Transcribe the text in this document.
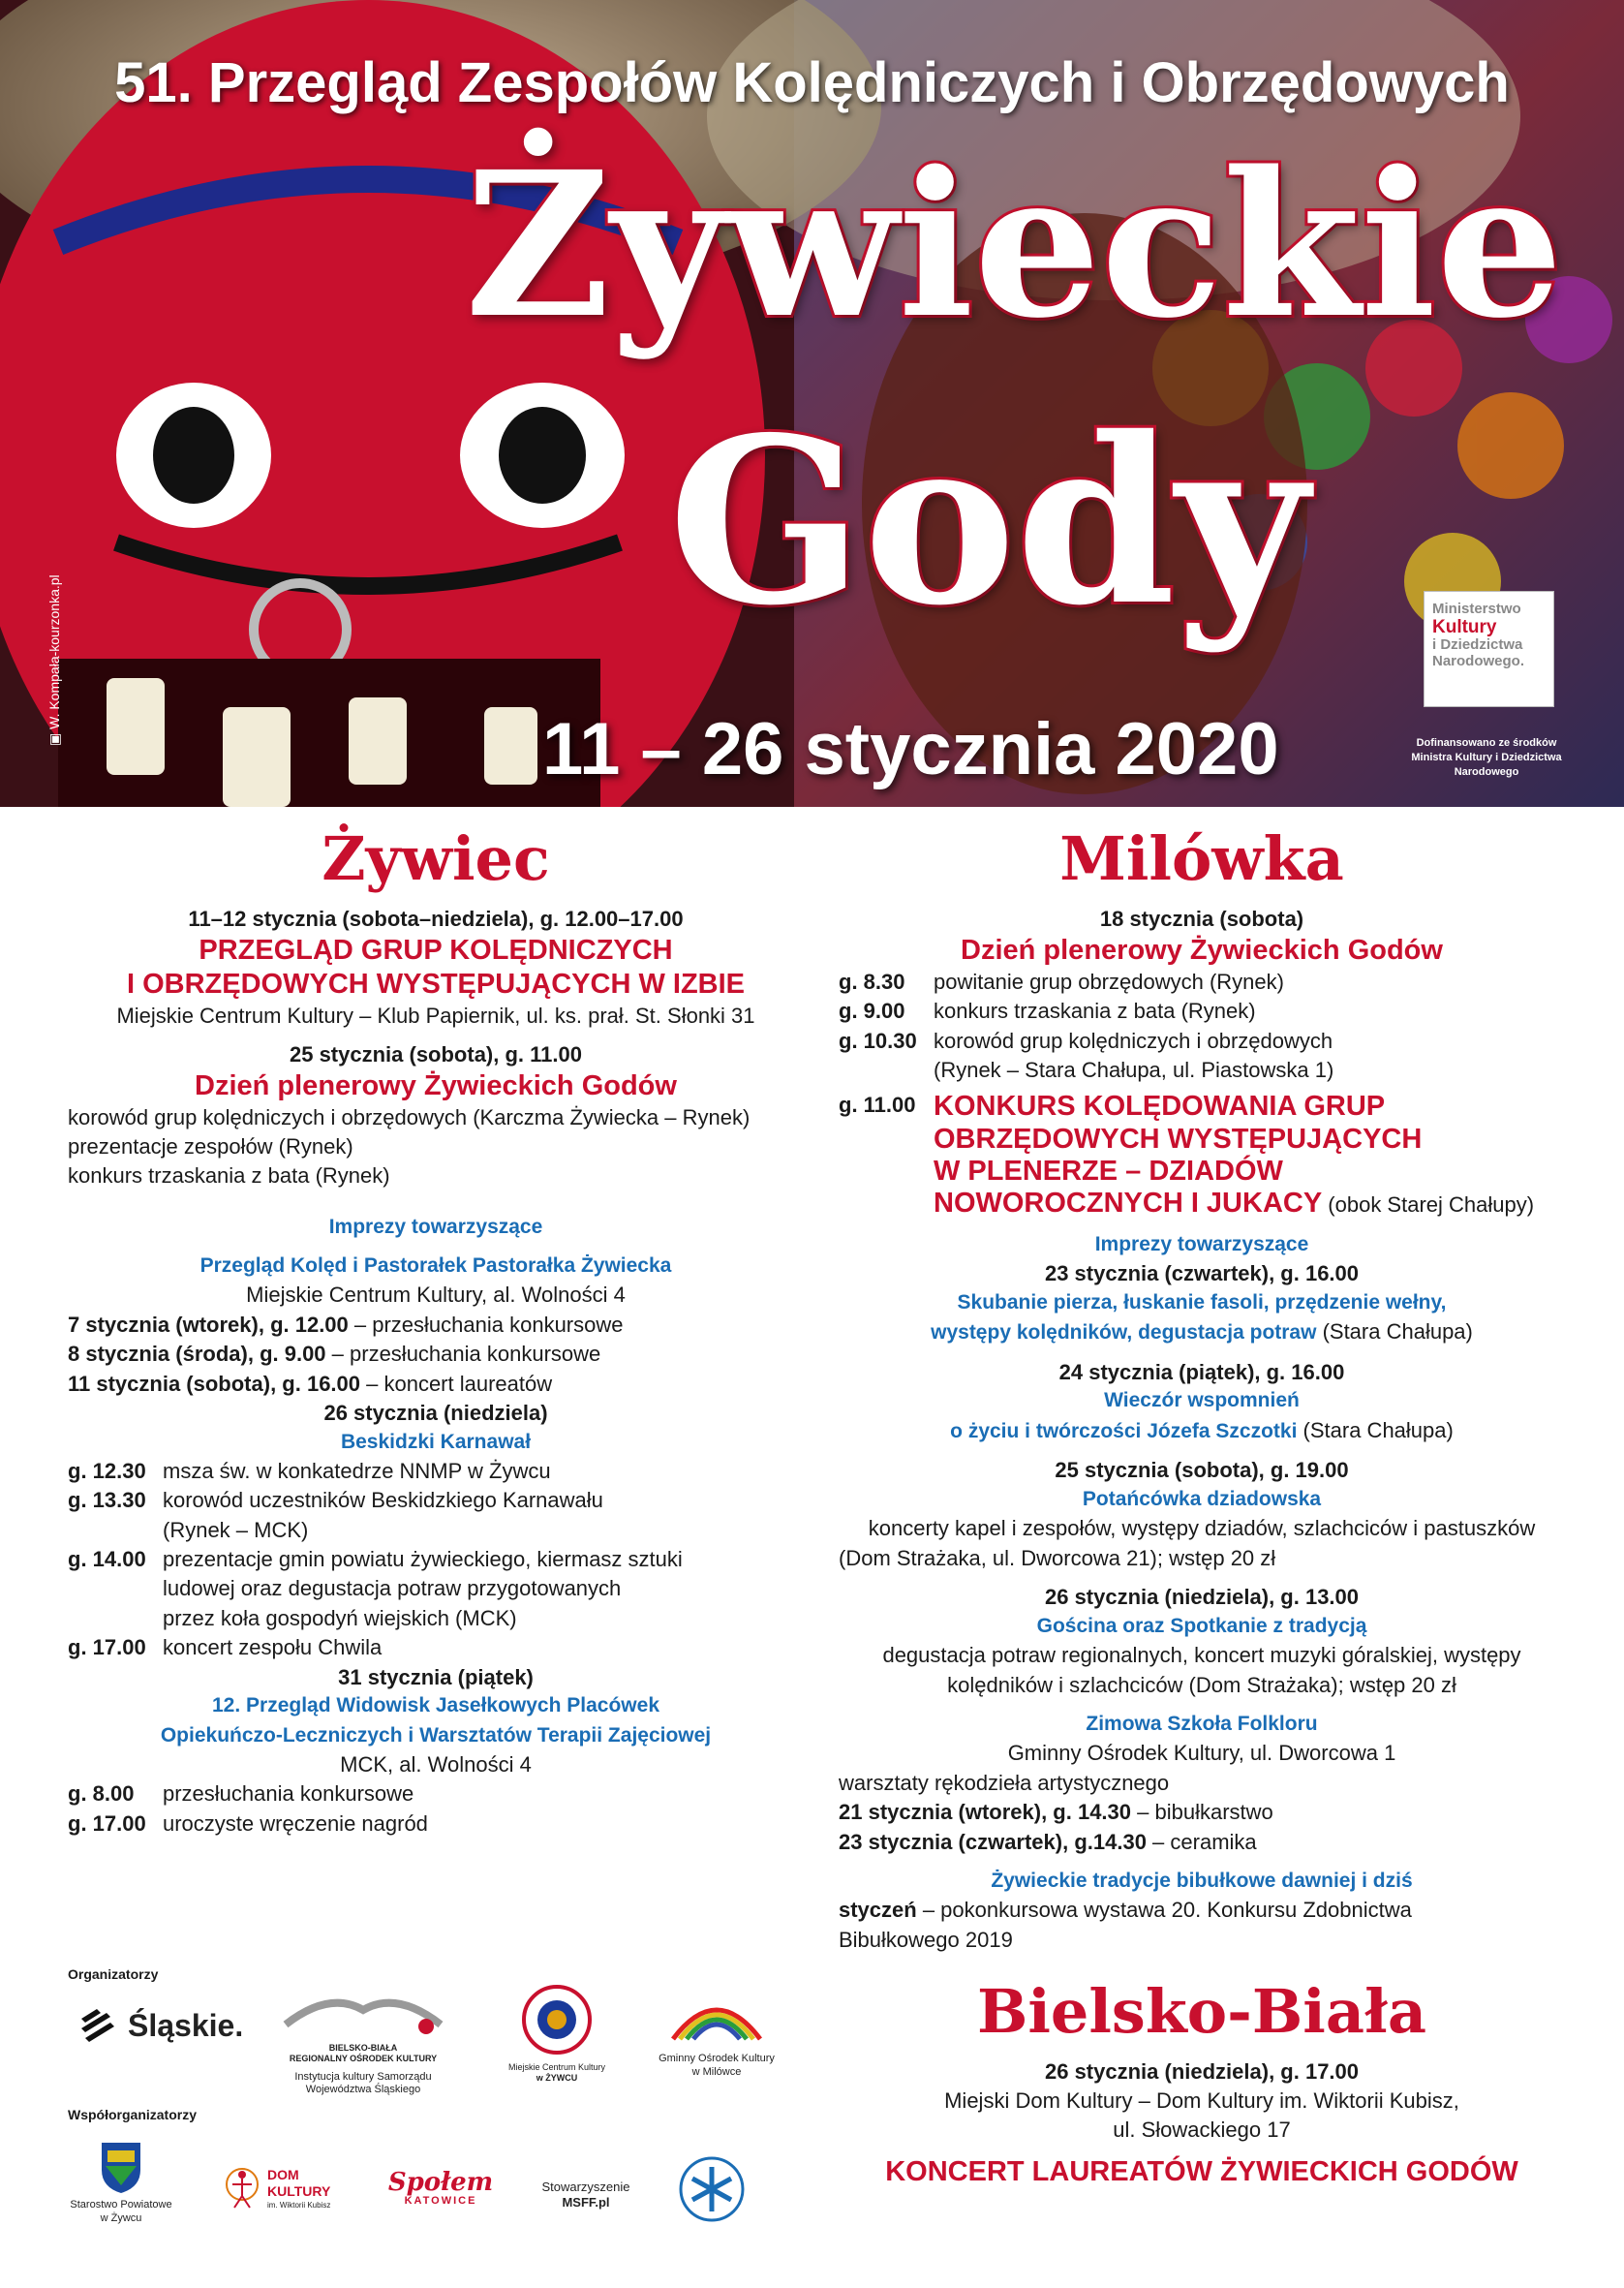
51. Przegląd Zespołów Kolędniczych i Obrzędowych
Żywieckie
Gody
11 – 26 stycznia 2020
▣ W. Kompała-kourzonka.pl	Ministerstwo
Kultury
i Dziedzictwa
Narodowego.
Dofinansowano ze środków Ministra Kultury i Dziedzictwa Narodowego
Żywiec
11–12 stycznia (sobota–niedziela), g. 12.00–17.00
PRZEGLĄD GRUP KOLĘDNICZYCH
I OBRZĘDOWYCH WYSTĘPUJĄCYCH W IZBIE
Miejskie Centrum Kultury – Klub Papiernik, ul. ks. prał. St. Słonki 31
25 stycznia (sobota), g. 11.00
Dzień plenerowy Żywieckich Godów
korowód grup kolędniczych i obrzędowych (Karczma Żywiecka – Rynek)
prezentacje zespołów (Rynek)
konkurs trzaskania z bata (Rynek)
Imprezy towarzyszące
Przegląd Kolęd i Pastorałek Pastorałka Żywiecka
Miejskie Centrum Kultury, al. Wolności 4
7 stycznia (wtorek), g. 12.00 – przesłuchania konkursowe
8 stycznia (środa), g. 9.00 – przesłuchania konkursowe
11 stycznia (sobota), g. 16.00 – koncert laureatów
26 stycznia (niedziela)
Beskidzki Karnawał
g. 12.30 msza św. w konkatedrze NNMP w Żywcu
g. 13.30 korowód uczestników Beskidzkiego Karnawału
(Rynek – MCK)
g. 14.00 prezentacje gmin powiatu żywieckiego, kiermasz sztuki
ludowej oraz degustacja potraw przygotowanych
przez koła gospodyń wiejskich (MCK)
g. 17.00 koncert zespołu Chwila
31 stycznia (piątek)
12. Przegląd Widowisk Jasełkowych Placówek
Opiekuńczo-Leczniczych i Warsztatów Terapii Zajęciowej
MCK, al. Wolności 4
g. 8.00	przesłuchania konkursowe
g. 17.00 uroczyste wręczenie nagród
Milówka
18 stycznia (sobota)
Dzień plenerowy Żywieckich Godów
g. 8.30	powitanie grup obrzędowych (Rynek)
g. 9.00	konkurs trzaskania z bata (Rynek)
g. 10.30 korowód grup kolędniczych i obrzędowych
(Rynek – Stara Chałupa, ul. Piastowska 1)
g. 11.00 KONKURS KOLĘDOWANIA GRUP
OBRZĘDOWYCH WYSTĘPUJĄCYCH
W PLENERZE – DZIADÓW
NOWOROCZNYCH I JUKACY (obok Starej Chałupy)
Imprezy towarzyszące
23 stycznia (czwartek), g. 16.00
Skubanie pierza, łuskanie fasoli, przędzenie wełny,
występy kolędników, degustacja potraw (Stara Chałupa)
24 stycznia (piątek), g. 16.00
Wieczór wspomnień
o życiu i twórczości Józefa Szczotki (Stara Chałupa)
25 stycznia (sobota), g. 19.00
Potańcówka dziadowska
koncerty kapel i zespołów, występy dziadów, szlachciców i pastuszków
(Dom Strażaka, ul. Dworcowa 21); wstęp 20 zł
26 stycznia (niedziela), g. 13.00
Gościna oraz Spotkanie z tradycją
degustacja potraw regionalnych, koncert muzyki góralskiej, występy
kolędników i szlachciców (Dom Strażaka); wstęp 20 zł
Zimowa Szkoła Folkloru
Gminny Ośrodek Kultury, ul. Dworcowa 1
warsztaty rękodzieła artystycznego
21 stycznia (wtorek), g. 14.30 – bibułkarstwo
23 stycznia (czwartek), g.14.30 – ceramika
Żywieckie tradycje bibułkowe dawniej i dziś
styczeń – pokonkursowa wystawa 20. Konkursu Zdobnictwa
Bibułkowego 2019
Bielsko-Biała
26 stycznia (niedziela), g. 17.00
Miejski Dom Kultury – Dom Kultury im. Wiktorii Kubisz,
ul. Słowackiego 17
KONCERT LAUREATÓW ŻYWIECKICH GODÓW
Organizatorzy
Śląskie.
BIELSKO-BIAŁA
REGIONALNY OŚRODEK KULTURY
Instytucja kultury Samorządu
Województwa Śląskiego
Miejskie Centrum Kultury
w ŻYWCU
Gminny Ośrodek Kultury
w Milówce
Współorganizatorzy
Starostwo Powiatowe
w Żywcu
DOM
KULTURY
im. Wiktorii Kubisz
Społem
KATOWICE
Stowarzyszenie
MSFF.pl
